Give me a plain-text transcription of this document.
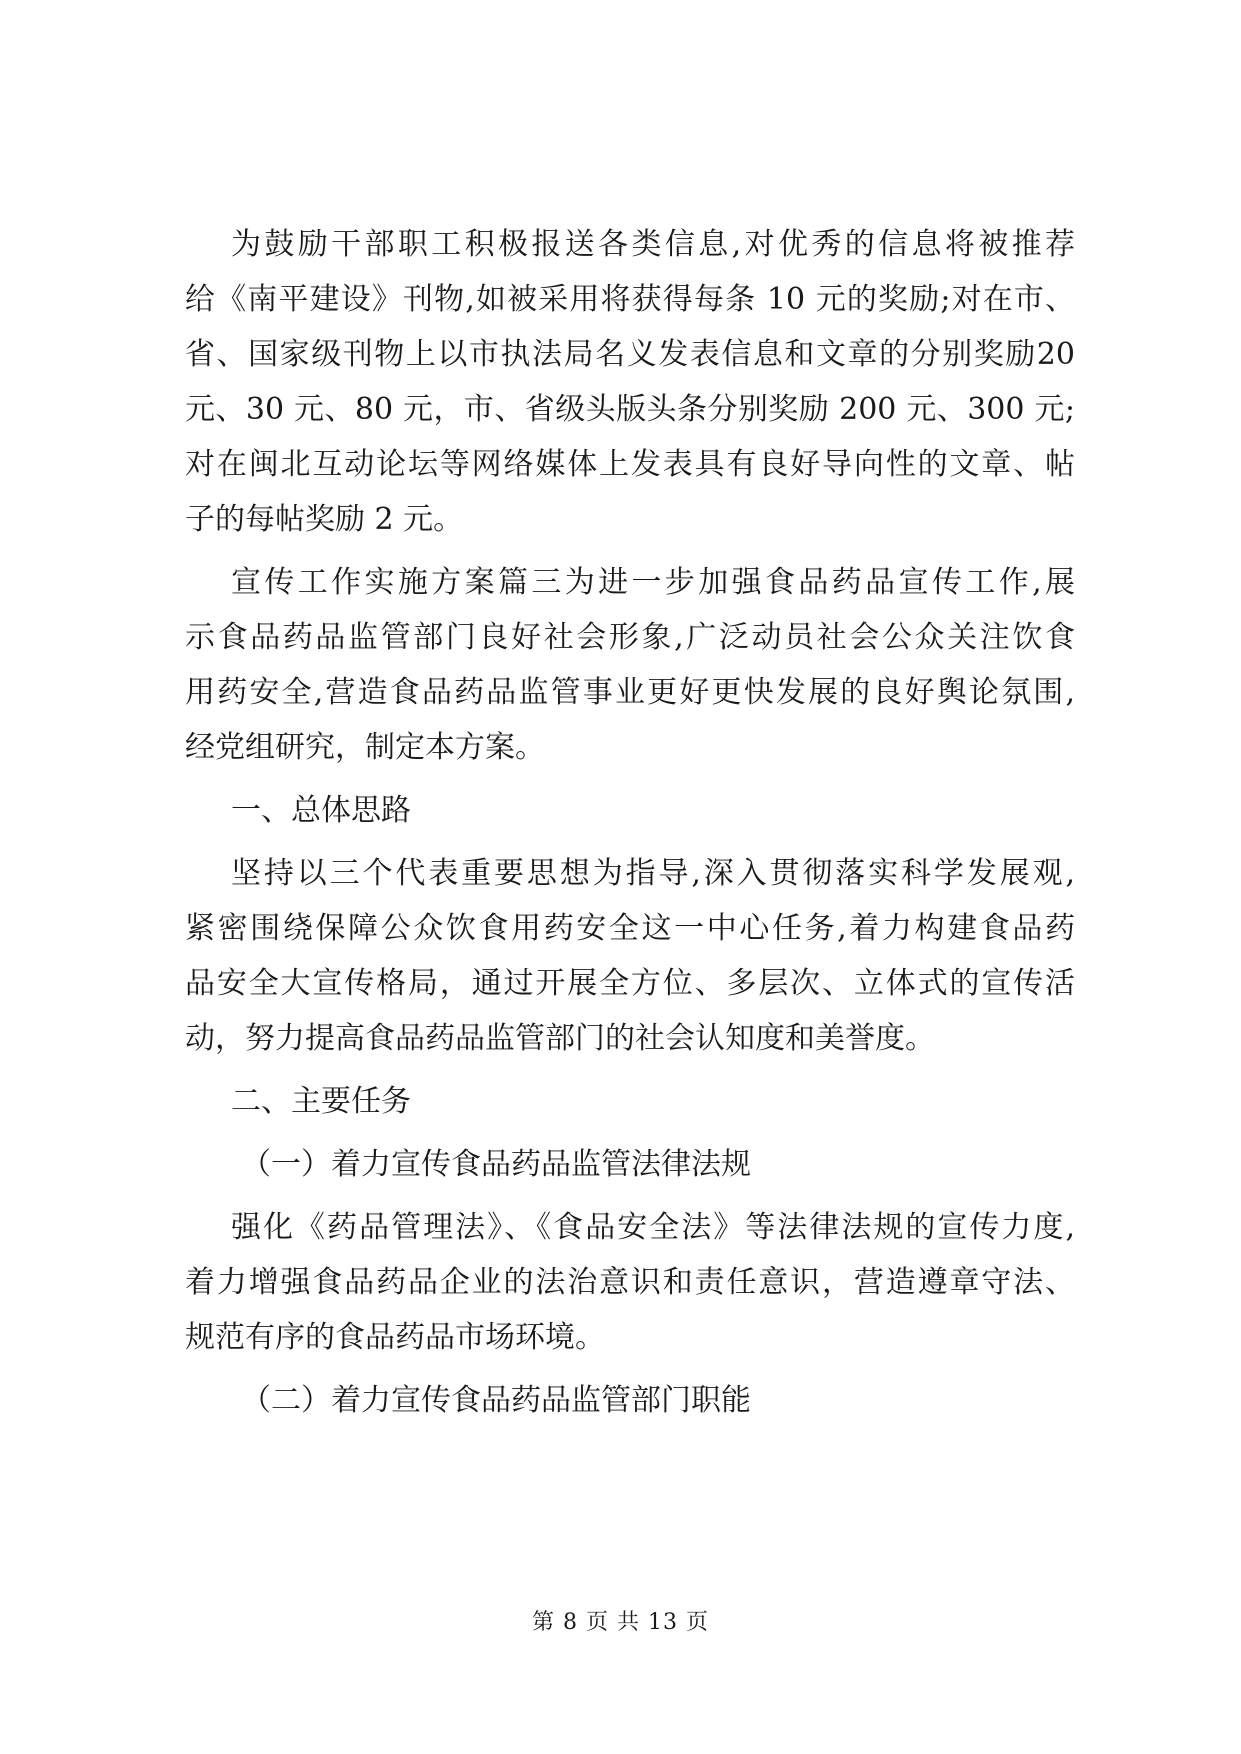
为鼓励干部职工积极报送各类信息,对优秀的信息将被推荐
给《南平建设》刊物,如被采用将获得每条 10 元的奖励;对在市、
省、国家级刊物上以市执法局名义发表信息和文章的分别奖励20
元、30 元、80 元，市、省级头版头条分别奖励 200 元、300 元;
对在闽北互动论坛等网络媒体上发表具有良好导向性的文章、帖
子的每帖奖励 2 元。
宣传工作实施方案篇三为进一步加强食品药品宣传工作,展
示食品药品监管部门良好社会形象,广泛动员社会公众关注饮食
用药安全,营造食品药品监管事业更好更快发展的良好舆论氛围,
经党组研究，制定本方案。
一、总体思路
坚持以三个代表重要思想为指导,深入贯彻落实科学发展观,
紧密围绕保障公众饮食用药安全这一中心任务,着力构建食品药
品安全大宣传格局，通过开展全方位、多层次、立体式的宣传活
动，努力提高食品药品监管部门的社会认知度和美誉度。
二、主要任务
（一）着力宣传食品药品监管法律法规
强化《药品管理法》、《食品安全法》等法律法规的宣传力度,
着力增强食品药品企业的法治意识和责任意识，营造遵章守法、
规范有序的食品药品市场环境。
（二）着力宣传食品药品监管部门职能
第 8 页 共 13 页
